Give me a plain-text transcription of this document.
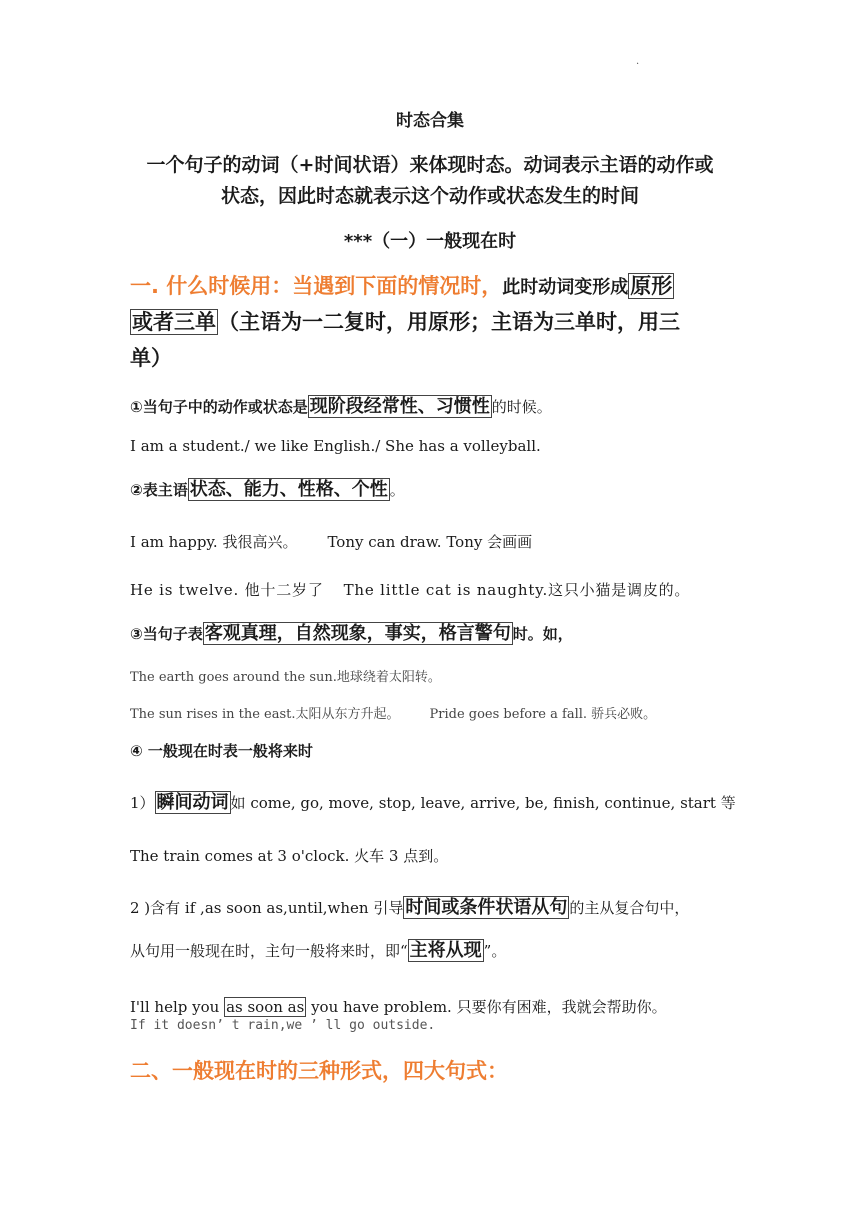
.
时态合集
一个句子的动词（+时间状语）来体现时态。动词表示主语的动作或
状态，因此时态就表示这个动作或状态发生的时间
***（一）一般现在时
一. 什么时候用：当遇到下面的情况时，此时动词变形成原形
或者三单（主语为一二复时，用原形；主语为三单时，用三
单）
①当句子中的动作或状态是 现阶段经常性、习惯性 的时候。
I am a student./ we like English./ She has a volleyball.
②表主语 状态、能力、性格、个性 。
I am happy. 我很高兴。 Tony can draw. Tony 会画画
He is twelve. 他十二岁了 The little cat is naughty.这只小猫是调皮的。
③当句子表 客观真理，自然现象，事实，格言警句 时。如，
The earth goes around the sun.地球绕着太阳转。
The sun rises in the east.太阳从东方升起。 Pride goes before a fall. 骄兵必败。
④ 一般现在时表一般将来时
1） 瞬间动词 如 come, go, move, stop, leave, arrive, be, finish, continue, start 等
The train comes at 3 o'clock. 火车 3 点到。
2 )含有 if ,as soon as,until,when 引导 时间或条件状语从句 的主从复合句中，
从句用一般现在时，主句一般将来时，即“ 主将从现 ”。
I'll help you as soon as you have problem. 只要你有困难，我就会帮助你。
If it doesn’ t rain,we ’ ll go outside.
二、一般现在时的三种形式，四大句式：
